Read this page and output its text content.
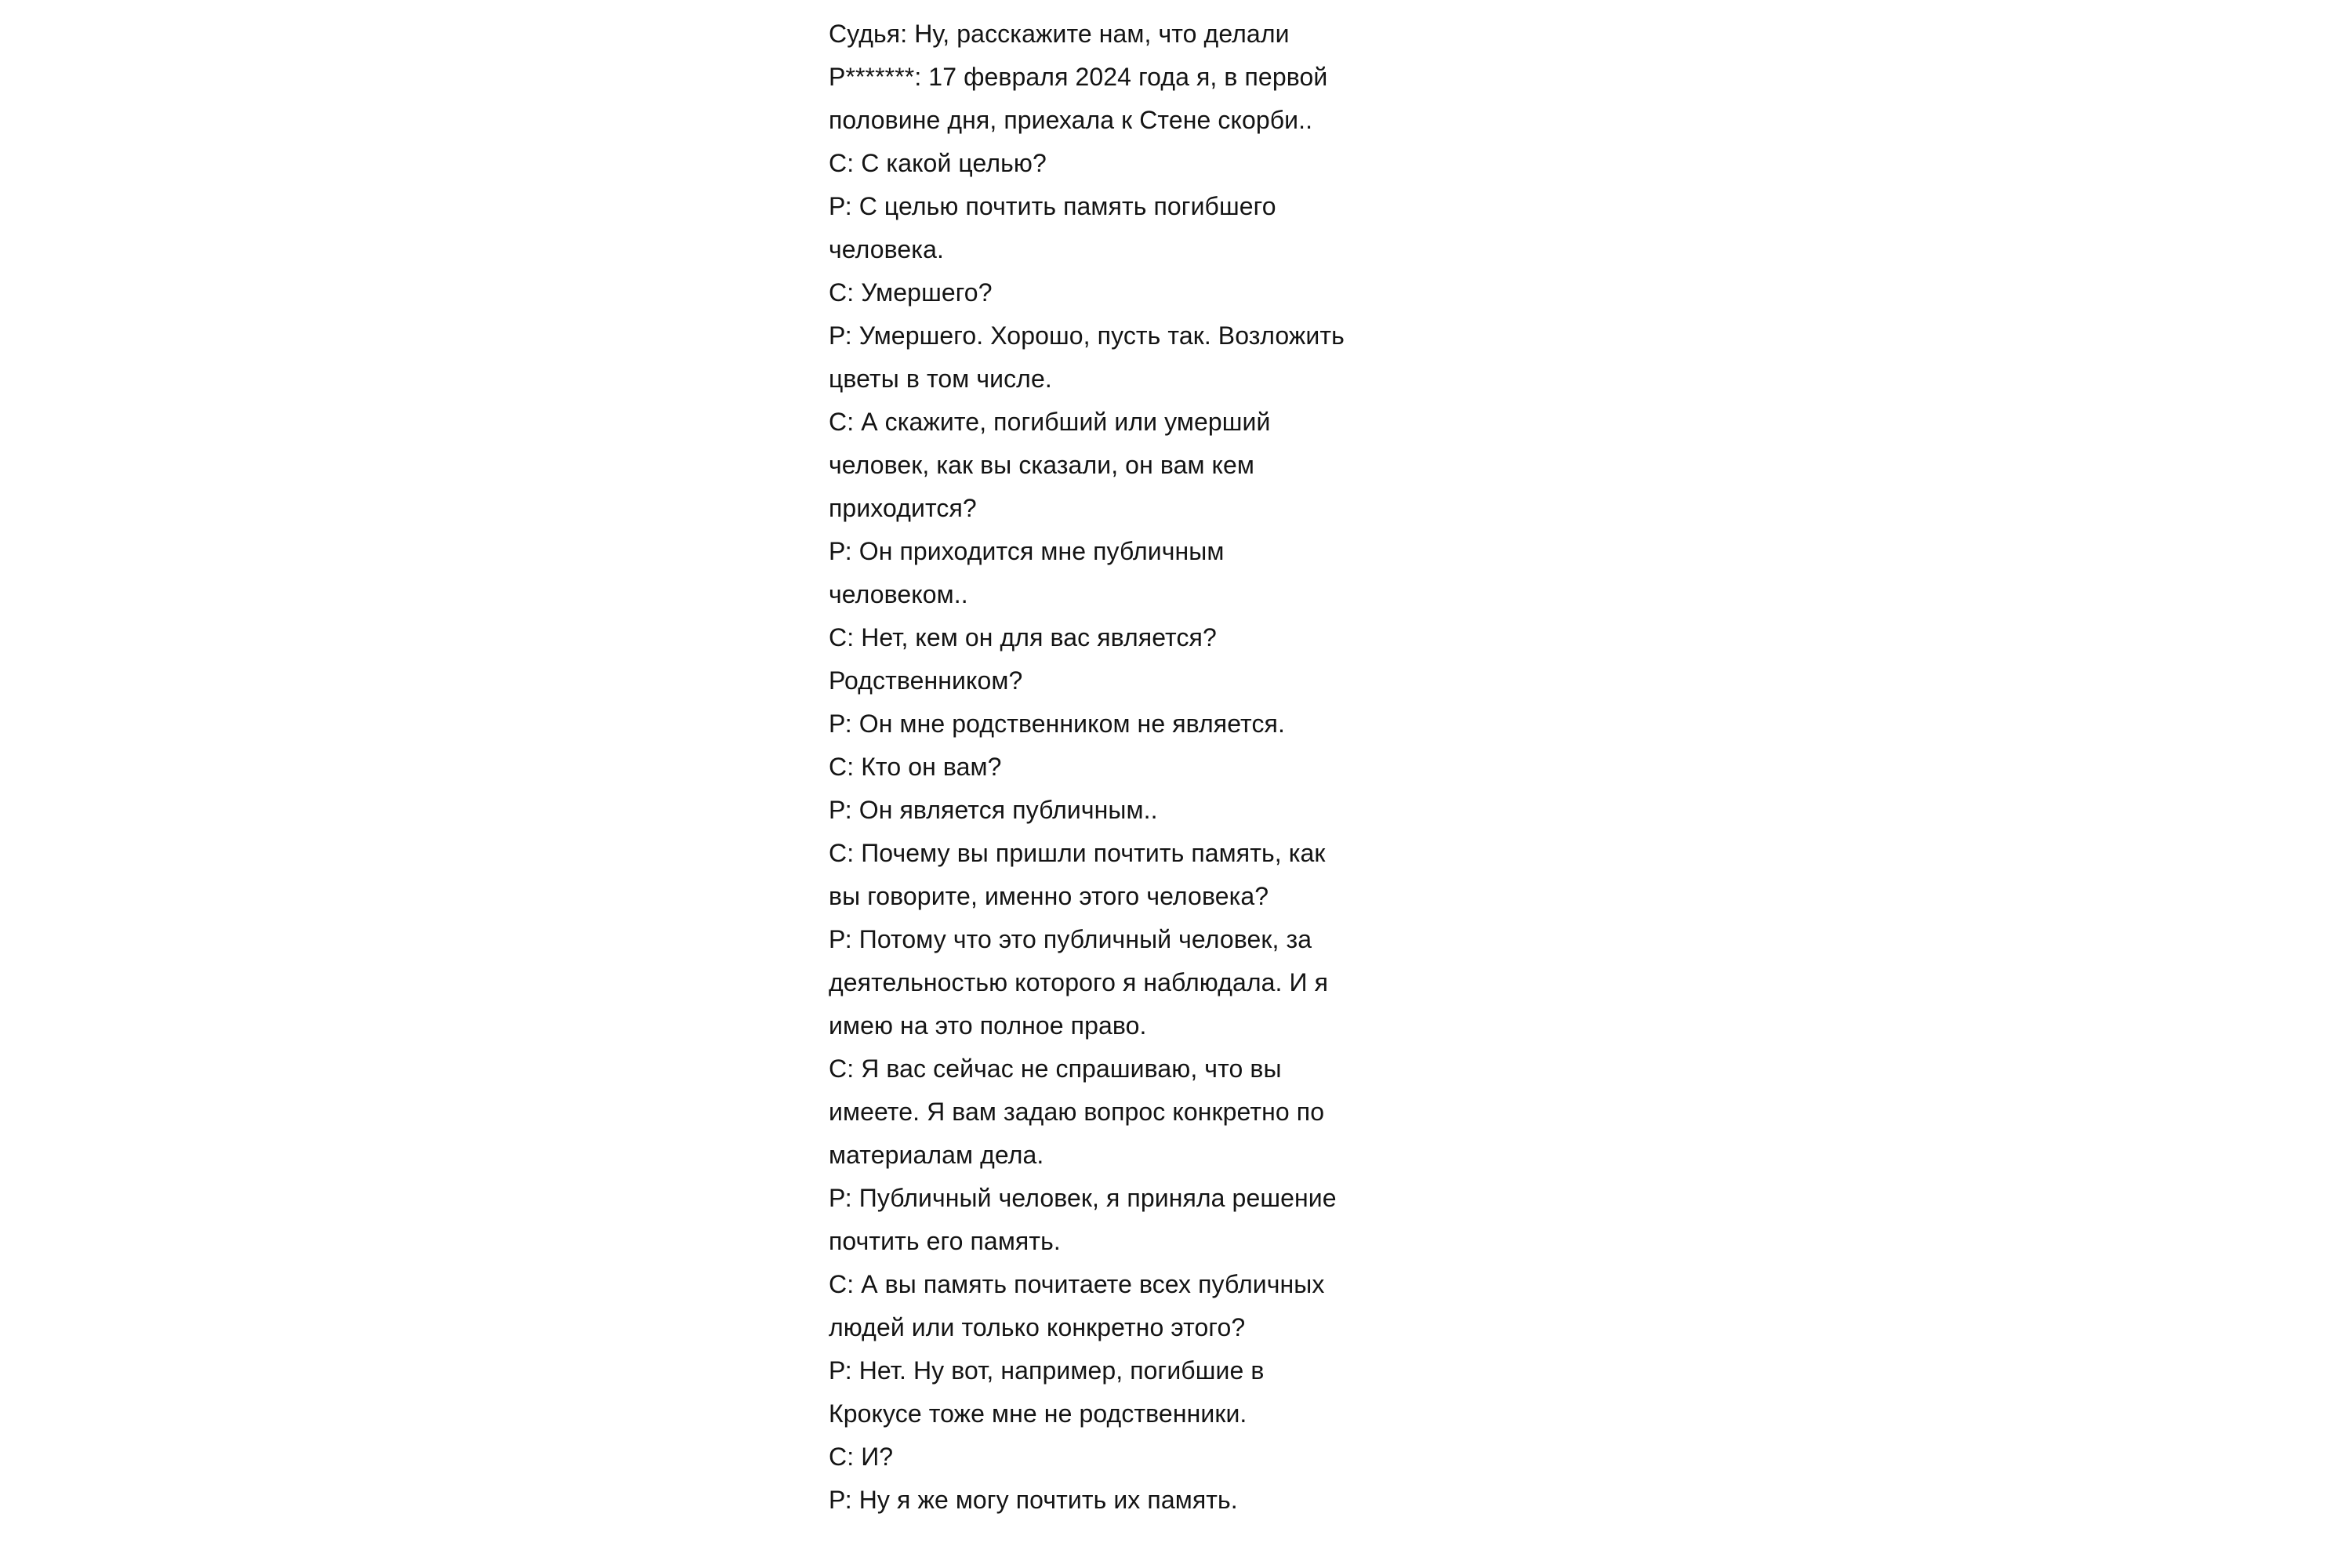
Судья: Ну, расскажите нам, что делали
Р*******: 17 февраля 2024 года я, в первой
половине дня, приехала к Стене скорби..
С: С какой целью?
Р: С целью почтить память погибшего
человека.
С: Умершего?
Р: Умершего. Хорошо, пусть так. Возложить
цветы в том числе.
С: А скажите, погибший или умерший
человек, как вы сказали, он вам кем
приходится?
Р: Он приходится мне публичным
человеком..
С: Нет, кем он для вас является?
Родственником?
Р: Он мне родственником не является.
С: Кто он вам?
Р: Он является публичным..
С: Почему вы пришли почтить память, как
вы говорите, именно этого человека?
Р: Потому что это публичный человек, за
деятельностью которого я наблюдала. И я
имею на это полное право.
С: Я вас сейчас не спрашиваю, что вы
имеете. Я вам задаю вопрос конкретно по
материалам дела.
Р: Публичный человек, я приняла решение
почтить его память.
С: А вы память почитаете всех публичных
людей или только конкретно этого?
Р: Нет. Ну вот, например, погибшие в
Крокусе тоже мне не родственники.
С: И?
Р: Ну я же могу почтить их память.
